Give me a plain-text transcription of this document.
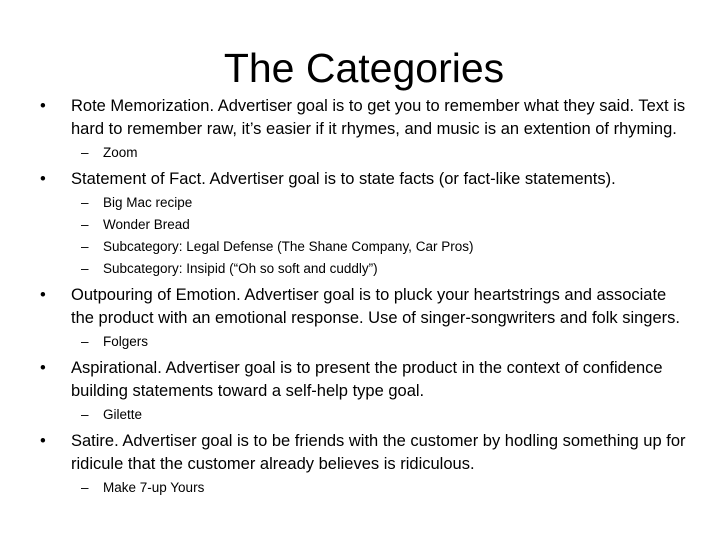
The Categories
• Rote Memorization. Advertiser goal is to get you to remember what they said. Text is hard to remember raw, it’s easier if it rhymes, and music is an extention of rhyming.
– Zoom
• Statement of Fact. Advertiser goal is to state facts (or fact-like statements).
– Big Mac recipe
– Wonder Bread
– Subcategory: Legal Defense (The Shane Company, Car Pros)
– Subcategory: Insipid (“Oh so soft and cuddly”)
• Outpouring of Emotion. Advertiser goal is to pluck your heartstrings and associate the product with an emotional response. Use of singer-songwriters and folk singers.
– Folgers
• Aspirational. Advertiser goal is to present the product in the context of confidence building statements toward a self-help type goal.
– Gilette
• Satire. Advertiser goal is to be friends with the customer by hodling something up for ridicule that the customer already believes is ridiculous.
– Make 7-up Yours
